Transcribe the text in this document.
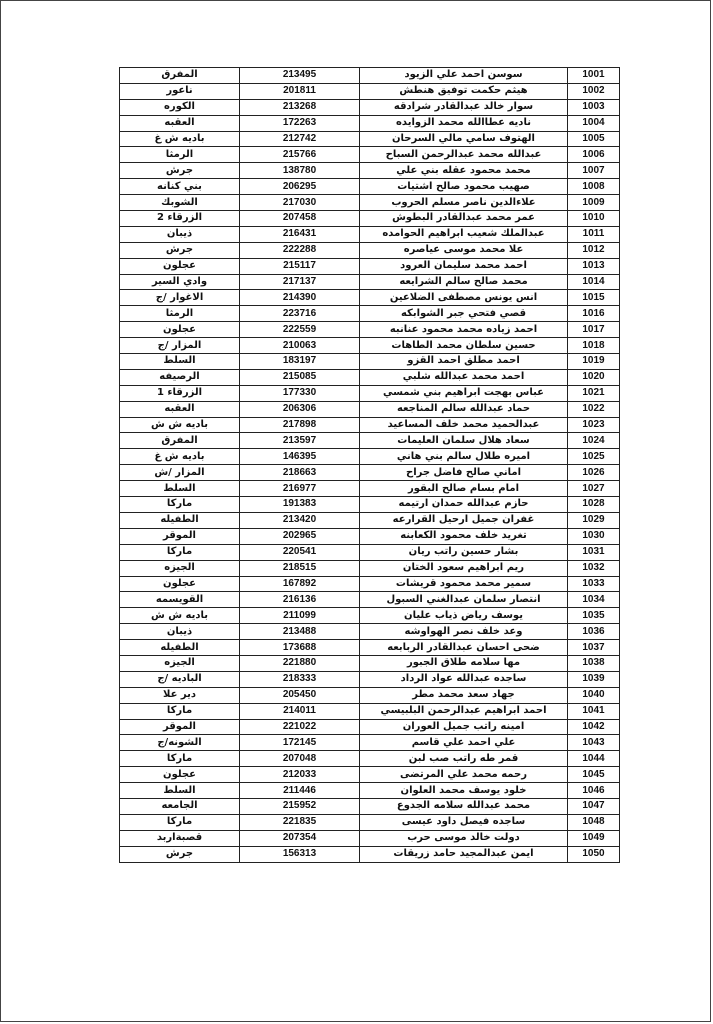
المفرق	213495	سوسن احمد علي الزيود	1001
ناعور	201811	هيثم حكمت توفيق هنطش	1002
الكوره	213268	سوار خالد عبدالقادر شرادقه	1003
العقبه	172263	ناديه عطاالله محمد الزوايده	1004
باديه ش غ	212742	الهتوف سامي مالي السرحان	1005
الرمثا	215766	عبدالله محمد عبدالرحمن السباح	1006
جرش	138780	محمد محمود عقله بني علي	1007
بني كنانه	206295	صهيب محمود صالح اشتيات	1008
الشوبك	217030	علاءالدين ناصر مسلم الحروب	1009
الزرقاء 2	207458	عمر محمد عبدالقادر البطوش	1010
ذيبان	216431	عبدالملك شعيب ابراهيم الحوامده	1011
جرش	222288	علا محمد موسى عياصره	1012
عجلون	215117	احمد محمد سليمان العرود	1013
وادي السير	217137	محمد صالح سالم الشرايعه	1014
الاغوار /ج	214390	انس يونس مصطفى الضلاعين	1015
الرمثا	223716	قصي فتحي جبر الشوابكه	1016
عجلون	222559	احمد زياده محمد محمود عنانبه	1017
المزار /ج	210063	حسين سلطان محمد الطاهات	1018
السلط	183197	احمد مطلق احمد القزو	1019
الرصيفه	215085	احمد محمد عبدالله شلبي	1020
الزرقاء 1	177330	عباس بهجت ابراهيم بني شمسي	1021
العقبه	206306	حماد عبدالله سالم المناجعه	1022
باديه ش ش	217898	عبدالحميد محمد خلف المساعيد	1023
المفرق	213597	سعاد هلال سلمان العليمات	1024
باديه ش غ	146395	اميره طلال سالم بني هاني	1025
المزار /ش	218663	اماني صالح فاضل جراح	1026
السلط	216977	امام بسام صالح البقور	1027
ماركا	191383	حازم عبدالله حمدان ارتيمه	1028
الطفيله	213420	غفران جميل ارحيل القرارعه	1029
الموقر	202965	تغريد خلف محمود الكعابنه	1030
ماركا	220541	بشار حسين راتب ريان	1031
الجيزه	218515	ريم ابراهيم سعود الختان	1032
عجلون	167892	سمير محمد محمود قريشات	1033
القويسمه	216136	انتصار سلمان عبدالغني السبول	1034
باديه ش ش	211099	يوسف رياض ذياب عليان	1035
ذيبان	213488	وعد خلف نصر الهواوشه	1036
الطفيله	173688	ضحى احسان عبدالقادر الربابعه	1037
الجيزه	221880	مها سلامه طلاق الجبور	1038
الباديه /ج	218333	ساجده عبدالله عواد الرداد	1039
دير علا	205450	جهاد سعد محمد مطر	1040
ماركا	214011	احمد ابراهيم عبدالرحمن البلبيسي	1041
الموقر	221022	امينه راتب جميل العوران	1042
الشونه/ج	172145	علي احمد علي قاسم	1043
ماركا	207048	قمر طه راتب صب لبن	1044
عجلون	212033	رحمه محمد علي المرتضى	1045
السلط	211446	خلود يوسف محمد العلوان	1046
الجامعه	215952	محمد عبدالله سلامه الجدوع	1047
ماركا	221835	ساجده فيصل داود عيسى	1048
قصبةاربد	207354	دولت خالد موسى حرب	1049
جرش	156313	ايمن عبدالمجيد حامد زريقات	1050
